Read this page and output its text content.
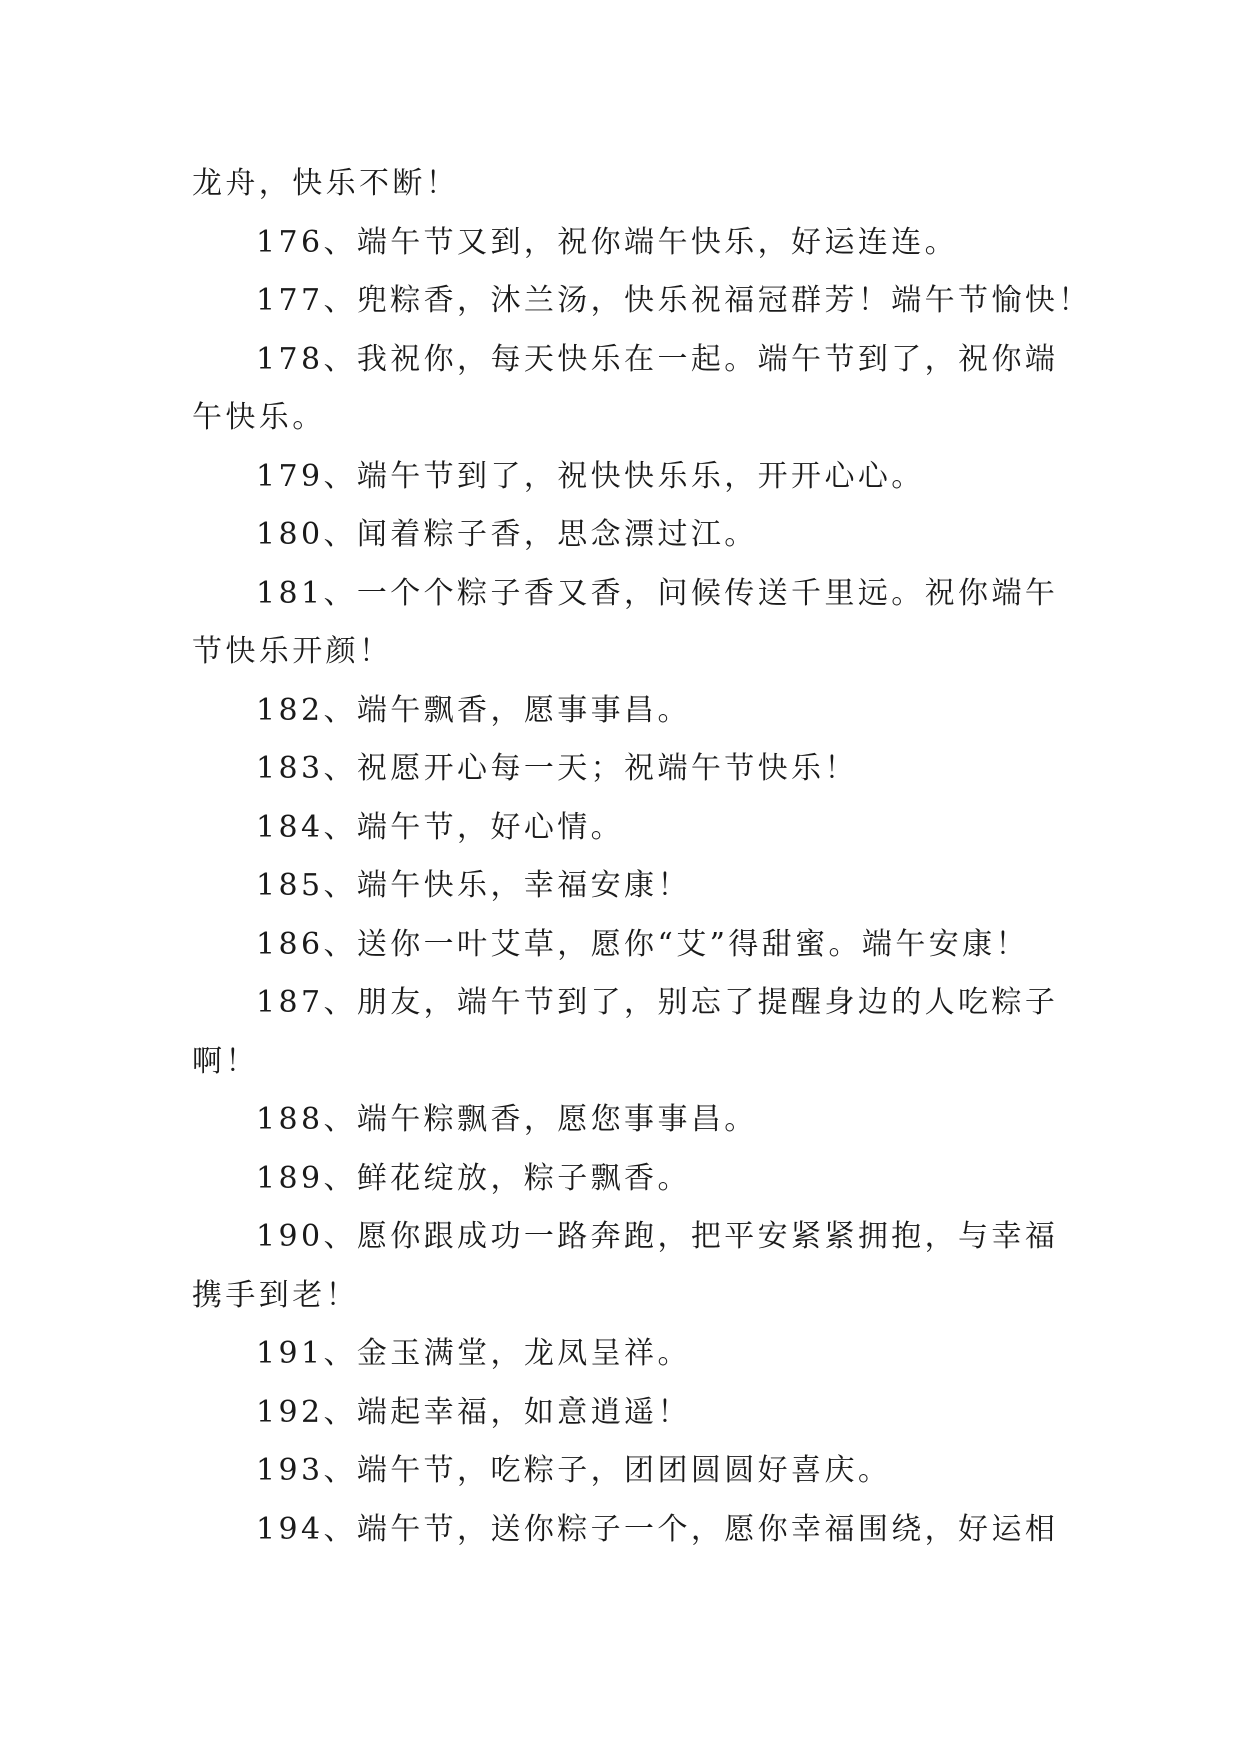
龙舟，快乐不断！
176、端午节又到，祝你端午快乐，好运连连。
177、兜粽香，沐兰汤，快乐祝福冠群芳！端午节愉快！
178、我祝你，每天快乐在一起。端午节到了，祝你端
午快乐。
179、端午节到了，祝快快乐乐，开开心心。
180、闻着粽子香，思念漂过江。
181、一个个粽子香又香，问候传送千里远。祝你端午
节快乐开颜！
182、端午飘香，愿事事昌。
183、祝愿开心每一天；祝端午节快乐！
184、端午节，好心情。
185、端午快乐，幸福安康！
186、送你一叶艾草，愿你“艾”得甜蜜。端午安康！
187、朋友，端午节到了，别忘了提醒身边的人吃粽子
啊！
188、端午粽飘香，愿您事事昌。
189、鲜花绽放，粽子飘香。
190、愿你跟成功一路奔跑，把平安紧紧拥抱，与幸福
携手到老！
191、金玉满堂，龙凤呈祥。
192、端起幸福，如意逍遥！
193、端午节，吃粽子，团团圆圆好喜庆。
194、端午节，送你粽子一个，愿你幸福围绕，好运相
